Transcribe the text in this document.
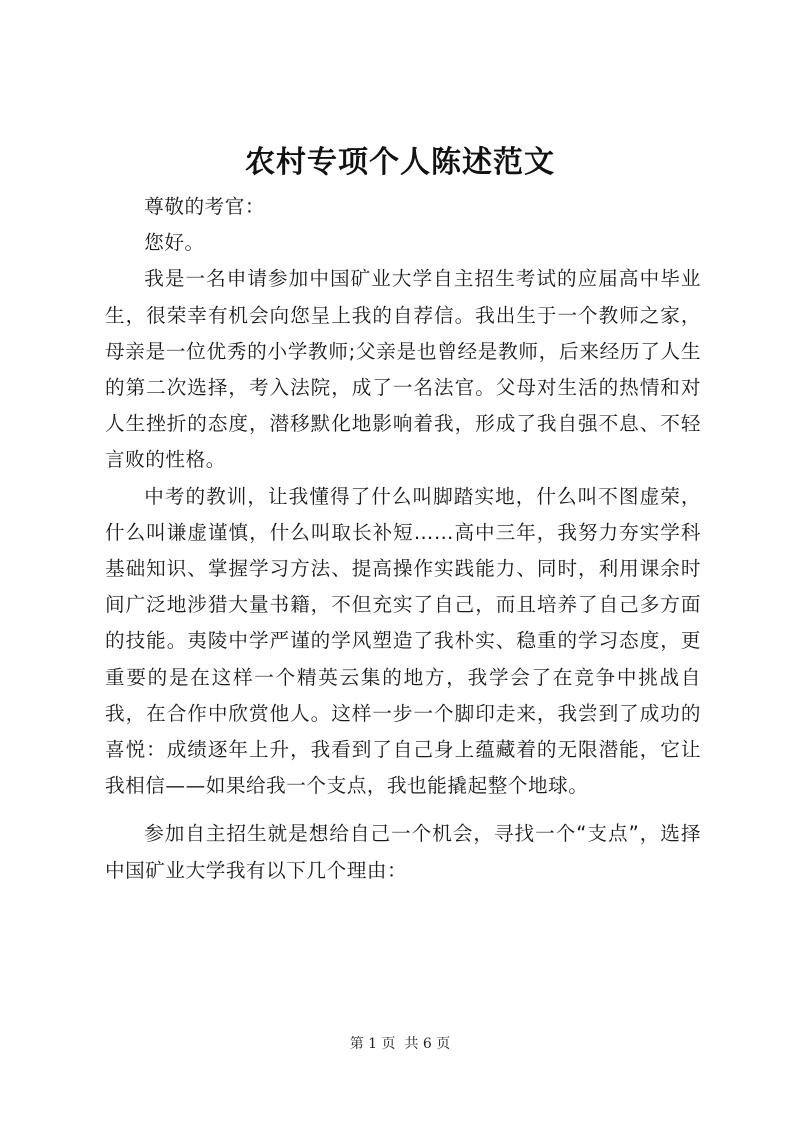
农村专项个人陈述范文

尊敬的考官：

您好。

我是一名申请参加中国矿业大学自主招生考试的应届高中毕业生，很荣幸有机会向您呈上我的自荐信。我出生于一个教师之家，母亲是一位优秀的小学教师;父亲是也曾经是教师，后来经历了人生的第二次选择，考入法院，成了一名法官。父母对生活的热情和对人生挫折的态度，潜移默化地影响着我，形成了我自强不息、不轻言败的性格。

中考的教训，让我懂得了什么叫脚踏实地，什么叫不图虚荣，什么叫谦虚谨慎，什么叫取长补短……高中三年，我努力夯实学科基础知识、掌握学习方法、提高操作实践能力、同时，利用课余时间广泛地涉猎大量书籍，不但充实了自己，而且培养了自己多方面的技能。夷陵中学严谨的学风塑造了我朴实、稳重的学习态度，更重要的是在这样一个精英云集的地方，我学会了在竞争中挑战自我，在合作中欣赏他人。这样一步一个脚印走来，我尝到了成功的喜悦：成绩逐年上升，我看到了自己身上蕴藏着的无限潜能，它让我相信——如果给我一个支点，我也能撬起整个地球。

参加自主招生就是想给自己一个机会，寻找一个“支点”，选择中国矿业大学我有以下几个理由：

第 1 页  共 6 页
